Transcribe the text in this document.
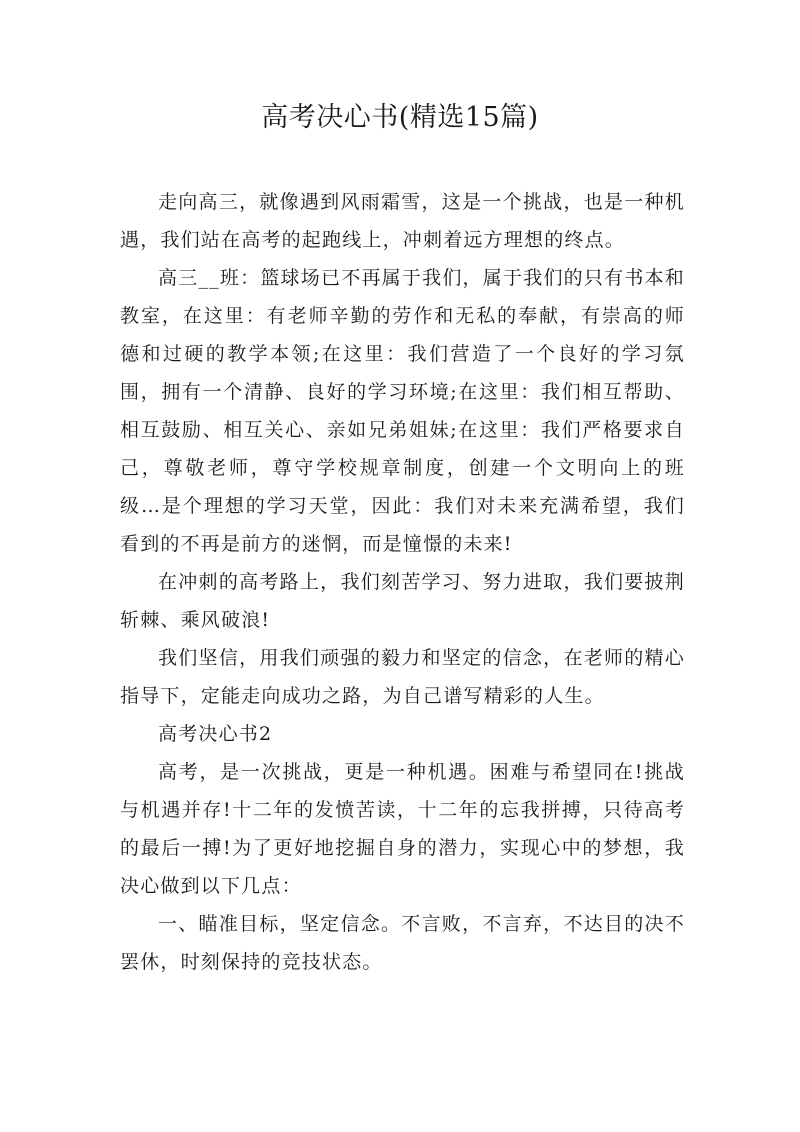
高考决心书(精选15篇)

走向高三，就像遇到风雨霜雪，这是一个挑战，也是一种机遇，我们站在高考的起跑线上，冲刺着远方理想的终点。

高三__班：篮球场已不再属于我们，属于我们的只有书本和教室，在这里：有老师辛勤的劳作和无私的奉献，有崇高的师德和过硬的教学本领;在这里：我们营造了一个良好的学习氛围，拥有一个清静、良好的学习环境;在这里：我们相互帮助、相互鼓励、相互关心、亲如兄弟姐妹;在这里：我们严格要求自己，尊敬老师，尊守学校规章制度，创建一个文明向上的班级…是个理想的学习天堂，因此：我们对未来充满希望，我们看到的不再是前方的迷惘，而是憧憬的未来!

在冲刺的高考路上，我们刻苦学习、努力进取，我们要披荆斩棘、乘风破浪!

我们坚信，用我们顽强的毅力和坚定的信念，在老师的精心指导下，定能走向成功之路，为自己谱写精彩的人生。

高考决心书2

高考，是一次挑战，更是一种机遇。困难与希望同在!挑战与机遇并存!十二年的发愤苦读，十二年的忘我拼搏，只待高考的最后一搏!为了更好地挖掘自身的潜力，实现心中的梦想，我决心做到以下几点：

一、瞄准目标，坚定信念。不言败，不言弃，不达目的决不罢休，时刻保持的竞技状态。
